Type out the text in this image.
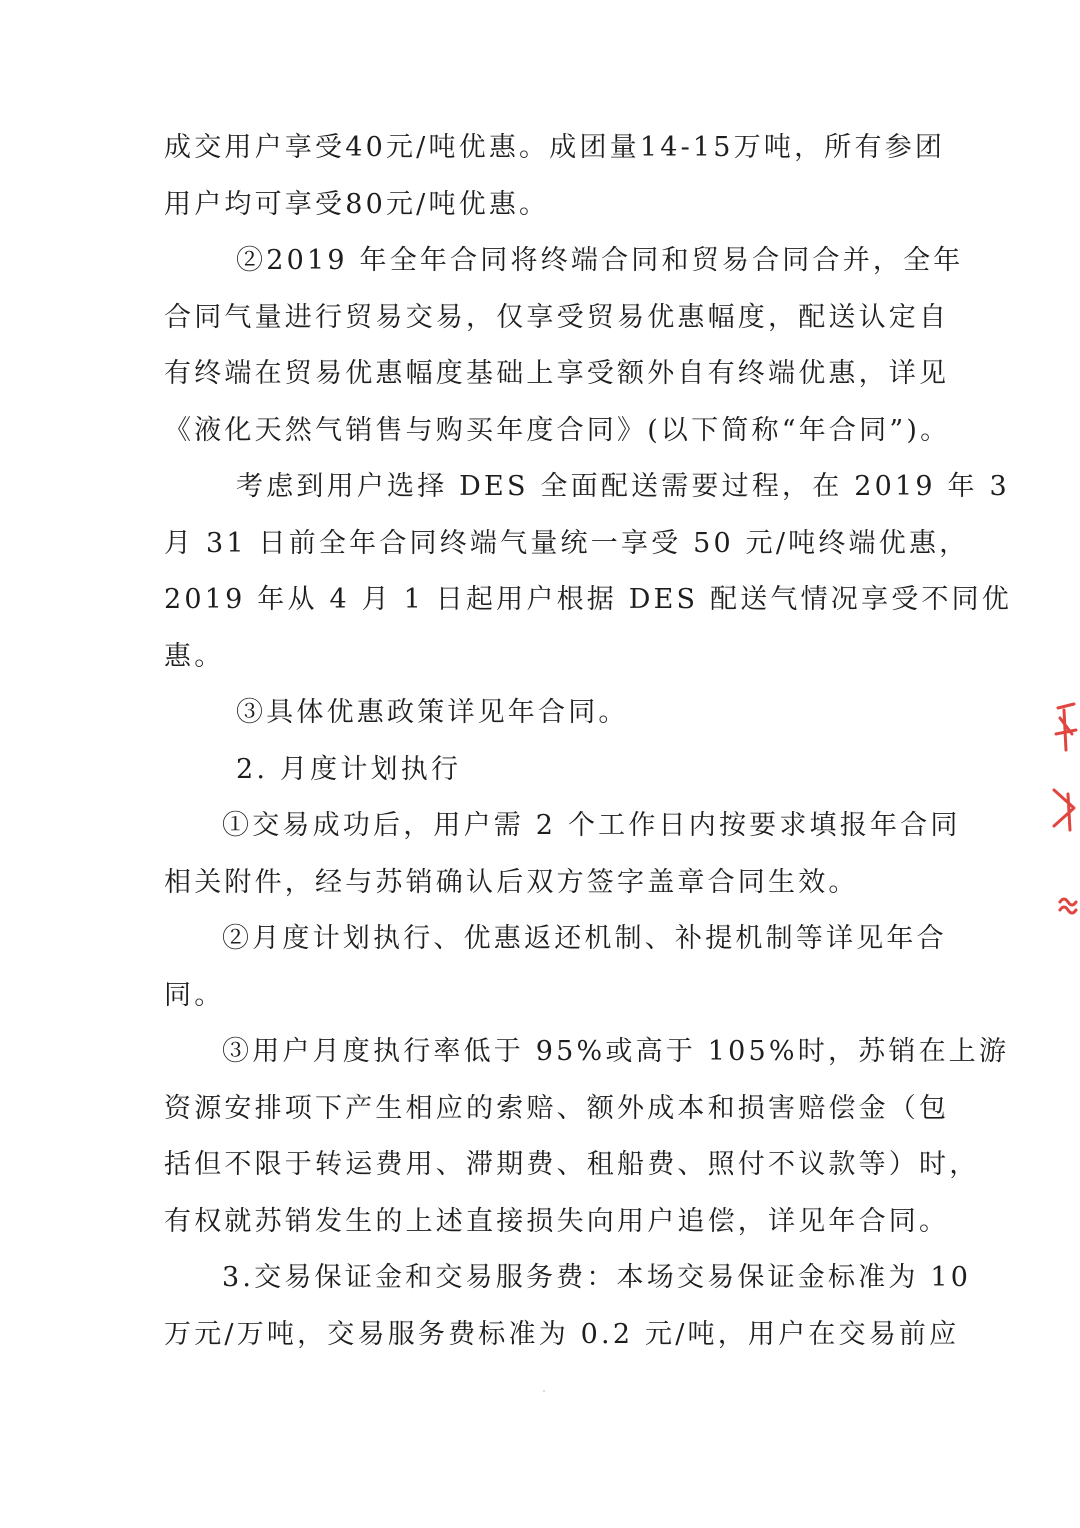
成交用户享受40元/吨优惠。成团量14-15万吨，所有参团
用户均可享受80元/吨优惠。
②2019 年全年合同将终端合同和贸易合同合并，全年
合同气量进行贸易交易，仅享受贸易优惠幅度，配送认定自
有终端在贸易优惠幅度基础上享受额外自有终端优惠，详见
《液化天然气销售与购买年度合同》(以下简称“年合同”)。
考虑到用户选择 DES 全面配送需要过程，在 2019 年 3
月 31 日前全年合同终端气量统一享受 50 元/吨终端优惠，
2019 年从 4 月 1 日起用户根据 DES 配送气情况享受不同优
惠。
③具体优惠政策详见年合同。
2. 月度计划执行
①交易成功后，用户需 2 个工作日内按要求填报年合同
相关附件，经与苏销确认后双方签字盖章合同生效。
②月度计划执行、优惠返还机制、补提机制等详见年合
同。
③用户月度执行率低于 95%或高于 105%时，苏销在上游
资源安排项下产生相应的索赔、额外成本和损害赔偿金（包
括但不限于转运费用、滞期费、租船费、照付不议款等）时，
有权就苏销发生的上述直接损失向用户追偿，详见年合同。
3.交易保证金和交易服务费：本场交易保证金标准为 10
万元/万吨，交易服务费标准为 0.2 元/吨，用户在交易前应
